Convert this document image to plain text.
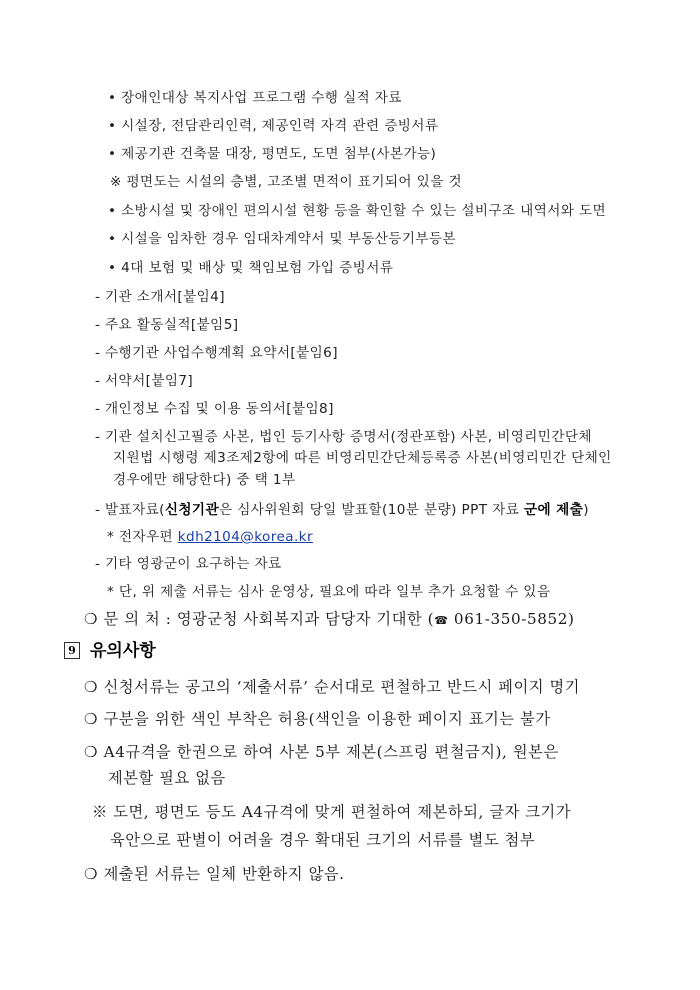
• 장애인대상 복지사업 프로그램 수행 실적 자료
• 시설장, 전담관리인력, 제공인력 자격 관련 증빙서류
• 제공기관 건축물 대장, 평면도, 도면 첨부(사본가능)
※ 평면도는 시설의 층별, 고조별 면적이 표기되어 있을 것
• 소방시설 및 장애인 편의시설 현황 등을 확인할 수 있는 설비구조 내역서와 도면
• 시설을 임차한 경우 임대차계약서 및 부동산등기부등본
• 4대 보험 및 배상 및 책임보험 가입 증빙서류
- 기관 소개서[붙임4]
- 주요 활동실적[붙임5]
- 수행기관 사업수행계획 요약서[붙임6]
- 서약서[붙임7]
- 개인정보 수집 및 이용 동의서[붙임8]
- 기관 설치신고필증 사본, 법인 등기사항 증명서(정관포함) 사본, 비영리민간단체
지원법 시행령 제3조제2항에 따른 비영리민간단체등록증 사본(비영리민간 단체인
경우에만 해당한다) 중 택 1부
- 발표자료(신청기관은 심사위원회 당일 발표할(10분 분량) PPT 자료 군에 제출)
* 전자우편 kdh2104@korea.kr
- 기타 영광군이 요구하는 자료
* 단, 위 제출 서류는 심사 운영상, 필요에 따라 일부 추가 요청할 수 있음
❍ 문 의 처 : 영광군청 사회복지과 담당자 기대한 (☎ 061-350-5852)
9 유의사항
❍ 신청서류는 공고의 ‘제출서류’ 순서대로 편철하고 반드시 페이지 명기
❍ 구분을 위한 색인 부착은 허용(색인을 이용한 페이지 표기는 불가
❍ A4규격을 한권으로 하여 사본 5부 제본(스프링 편철금지), 원본은
제본할 필요 없음
※ 도면, 평면도 등도 A4규격에 맞게 편철하여 제본하되, 글자 크기가
육안으로 판별이 어려울 경우 확대된 크기의 서류를 별도 첨부
❍ 제출된 서류는 일체 반환하지 않음.
